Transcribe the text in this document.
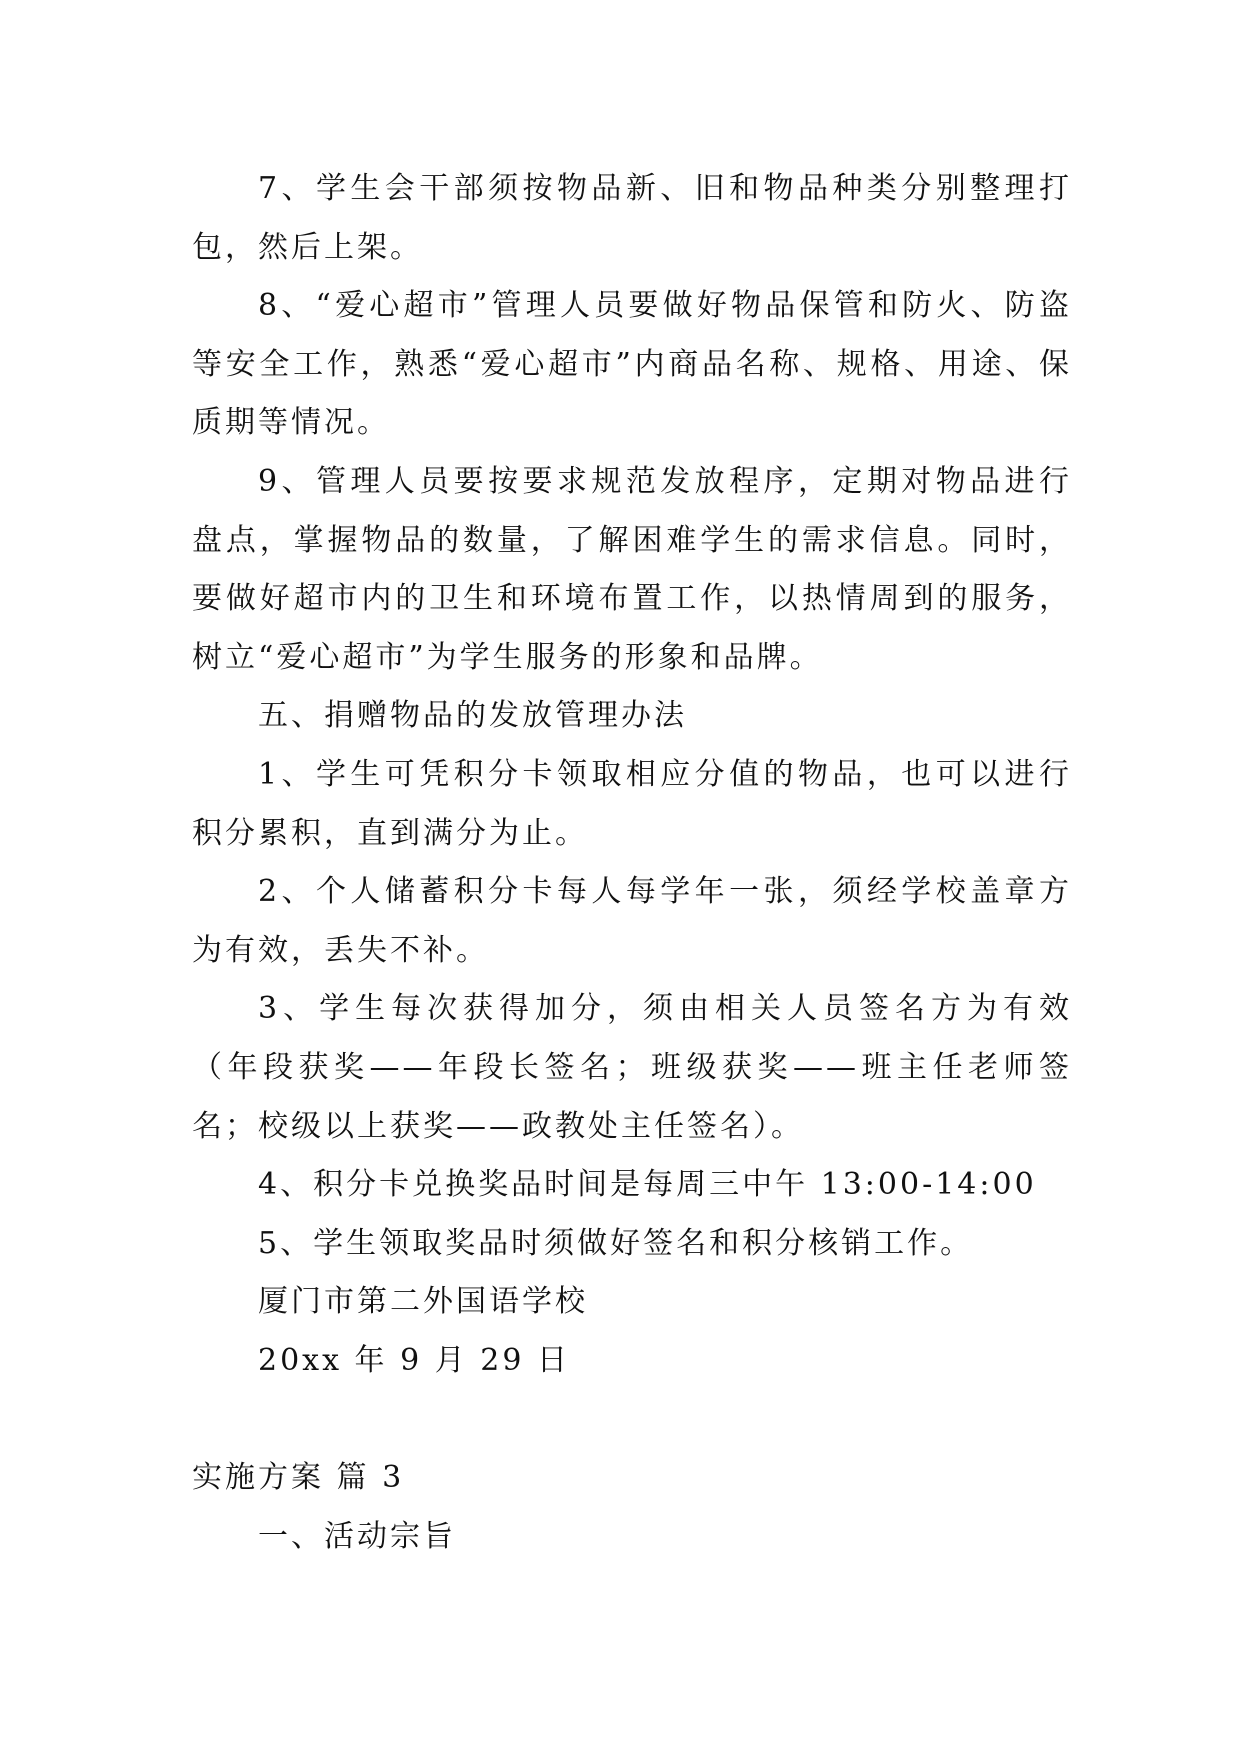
7、学生会干部须按物品新、旧和物品种类分别整理打包，然后上架。

8、“爱心超市”管理人员要做好物品保管和防火、防盗等安全工作，熟悉“爱心超市”内商品名称、规格、用途、保质期等情况。

9、管理人员要按要求规范发放程序，定期对物品进行盘点，掌握物品的数量，了解困难学生的需求信息。同时，要做好超市内的卫生和环境布置工作，以热情周到的服务，树立“爱心超市”为学生服务的形象和品牌。

五、捐赠物品的发放管理办法

1、学生可凭积分卡领取相应分值的物品，也可以进行积分累积，直到满分为止。

2、个人储蓄积分卡每人每学年一张，须经学校盖章方为有效，丢失不补。

3、学生每次获得加分，须由相关人员签名方为有效（年段获奖——年段长签名；班级获奖——班主任老师签名；校级以上获奖——政教处主任签名）。

4、积分卡兑换奖品时间是每周三中午 13:00-14:00

5、学生领取奖品时须做好签名和积分核销工作。

厦门市第二外国语学校

20xx 年 9 月 29 日

实施方案 篇 3

一、活动宗旨
